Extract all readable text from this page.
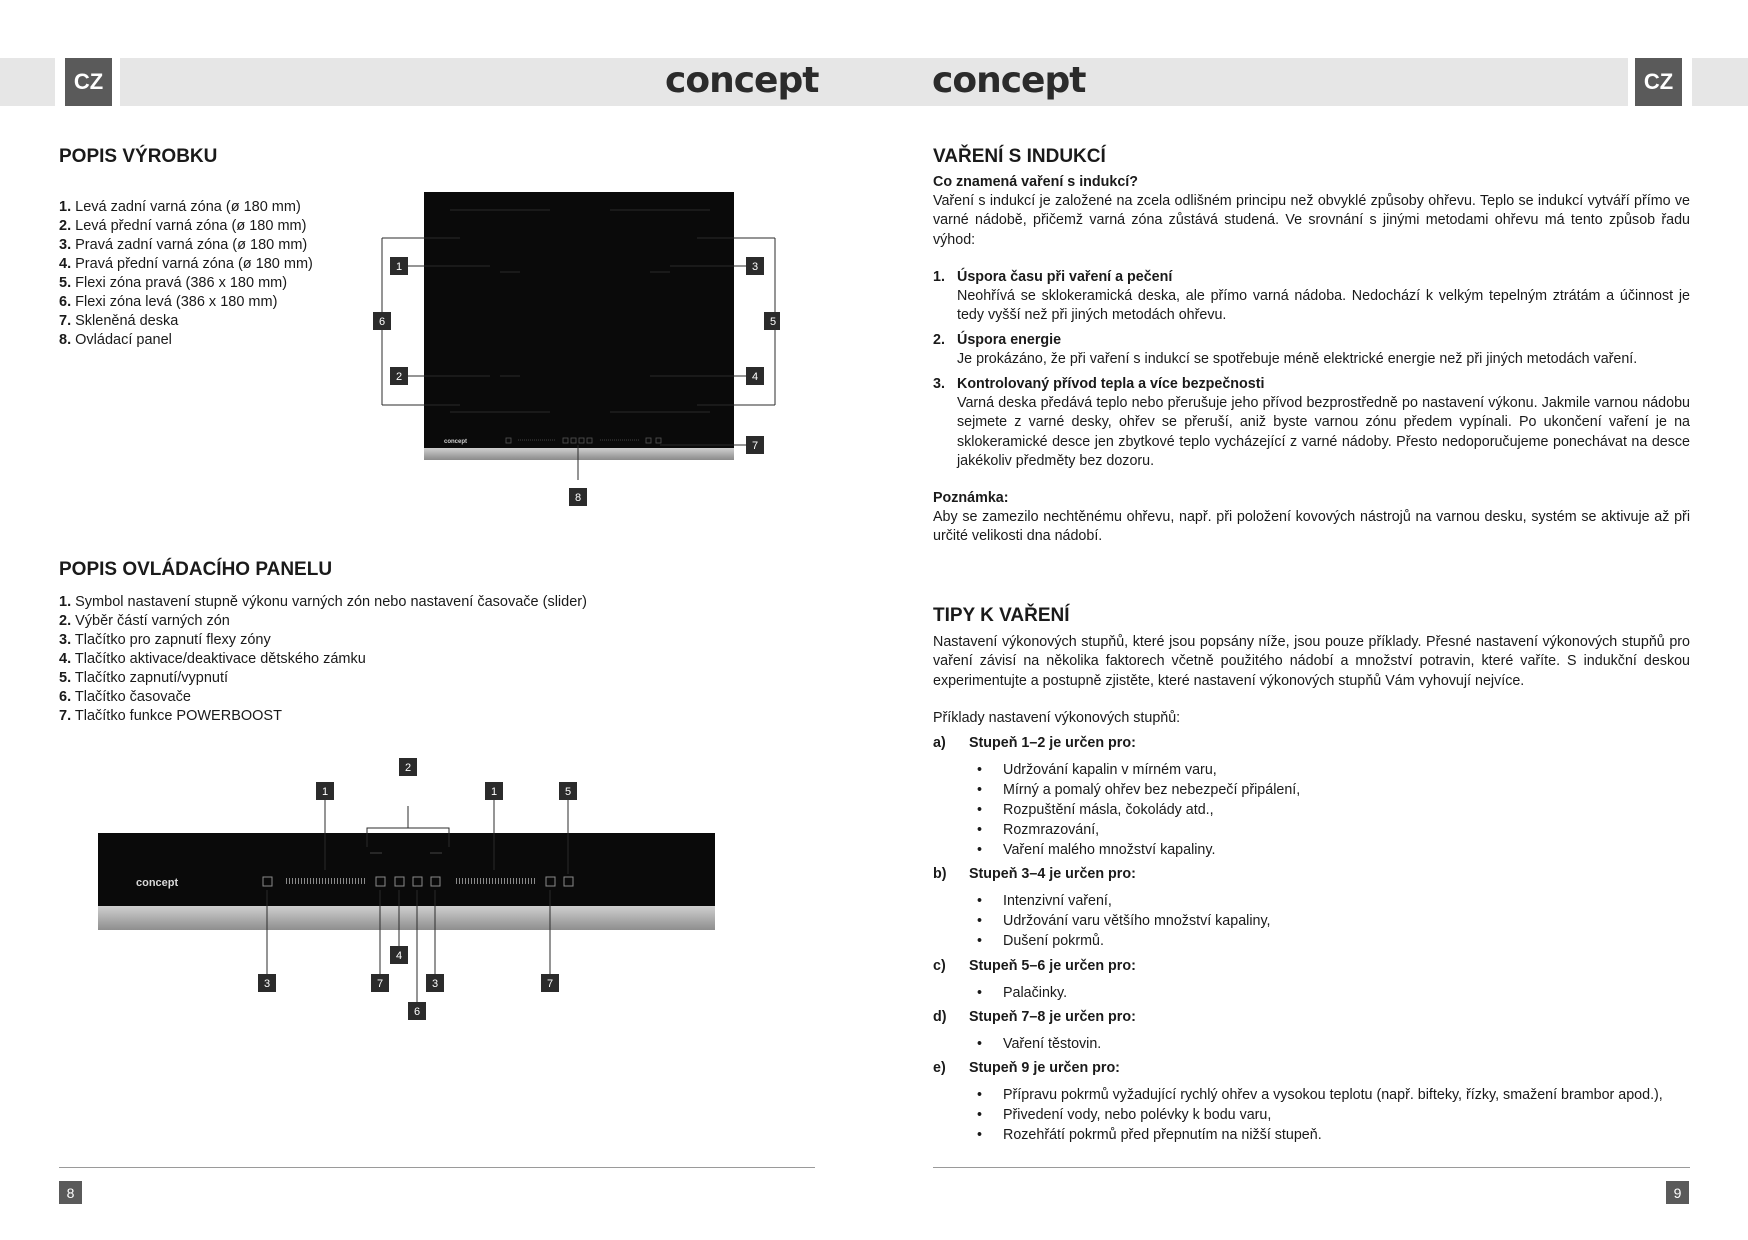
CZ	CZ
concept	concept
POPIS VÝROBKU
1. Levá zadní varná zóna (ø 180 mm)
2. Levá přední varná zóna (ø 180 mm)
3. Pravá zadní varná zóna (ø 180 mm)
4. Pravá přední varná zóna (ø 180 mm)
5. Flexi zóna pravá (386 x 180 mm)
6. Flexi zóna levá (386 x 180 mm)
7. Skleněná deska
8. Ovládací panel
concept
1
2
3
4
5
6
7
8
POPIS OVLÁDACÍHO PANELU
1. Symbol nastavení stupně výkonu varných zón nebo nastavení časovače (slider)
2. Výběr částí varných zón
3. Tlačítko pro zapnutí flexy zóny
4. Tlačítko aktivace/deaktivace dětského zámku
5. Tlačítko zapnutí/vypnutí
6. Tlačítko časovače
7. Tlačítko funkce POWERBOOST
concept
1
2
1	5
3	7
4
3	7
6
8
VAŘENÍ S INDUKCÍ
Co znamená vaření s indukcí?
Vaření s indukcí je založené na zcela odlišném principu než obvyklé způsoby ohřevu. Teplo se indukcí vytváří přímo ve varné nádobě, přičemž varná zóna zůstává studená. Ve srovnání s jinými metodami ohřevu má tento způsob řadu výhod:
1. Úspora času při vaření a pečení
Neohřívá se sklokeramická deska, ale přímo varná nádoba. Nedochází k velkým tepelným ztrátám a účinnost je tedy vyšší než při jiných metodách ohřevu.
2. Úspora energie
Je prokázáno, že při vaření s indukcí se spotřebuje méně elektrické energie než při jiných metodách vaření.
3. Kontrolovaný přívod tepla a více bezpečnosti
Varná deska předává teplo nebo přerušuje jeho přívod bezprostředně po nastavení výkonu. Jakmile varnou nádobu sejmete z varné desky, ohřev se přeruší, aniž byste varnou zónu předem vypínali. Po ukončení vaření je na sklokeramické desce jen zbytkové teplo vycházející z varné nádoby. Přesto nedoporučujeme ponechávat na desce jakékoliv předměty bez dozoru.
Poznámka:
Aby se zamezilo nechtěnému ohřevu, např. při položení kovových nástrojů na varnou desku, systém se aktivuje až při určité velikosti dna nádobí.
TIPY K VAŘENÍ
Nastavení výkonových stupňů, které jsou popsány níže, jsou pouze příklady. Přesné nastavení výkonových stupňů pro vaření závisí na několika faktorech včetně použitého nádobí a množství potravin, které vaříte. S indukční deskou experimentujte a postupně zjistěte, které nastavení výkonových stupňů Vám vyhovují nejvíce.
Příklady nastavení výkonových stupňů:
a) Stupeň 1–2 je určen pro:
• Udržování kapalin v mírném varu,
• Mírný a pomalý ohřev bez nebezpečí připálení,
• Rozpuštění másla, čokolády atd.,
• Rozmrazování,
• Vaření malého množství kapaliny.
b) Stupeň 3–4 je určen pro:
• Intenzivní vaření,
• Udržování varu většího množství kapaliny,
• Dušení pokrmů.
c) Stupeň 5–6 je určen pro:
• Palačinky.
d) Stupeň 7–8 je určen pro:
• Vaření těstovin.
e) Stupeň 9 je určen pro:
• Přípravu pokrmů vyžadující rychlý ohřev a vysokou teplotu (např. bifteky, řízky, smažení brambor apod.),
• Přivedení vody, nebo polévky k bodu varu,
• Rozehřátí pokrmů před přepnutím na nižší stupeň.
9
